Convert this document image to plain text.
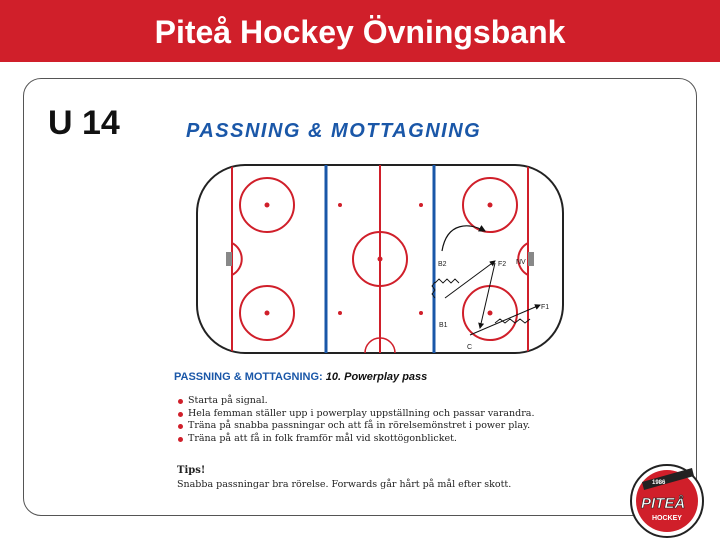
Piteå Hockey Övningsbank
U 14	PASSNING & MOTTAGNING
B2	F2 NV
B1
F1
C
PASSNING & MOTTAGNING: 10. Powerplay pass
Starta på signal.
Hela femman ställer upp i powerplay uppställning och passar varandra.
Träna på snabba passningar och att få in rörelsemönstret i power play.
Träna på att få in folk framför mål vid skottögonblicket.
Tips!
Snabba passningar bra rörelse. Forwards går hårt på mål efter skott.	1986
PITEÅ
HOCKEY
